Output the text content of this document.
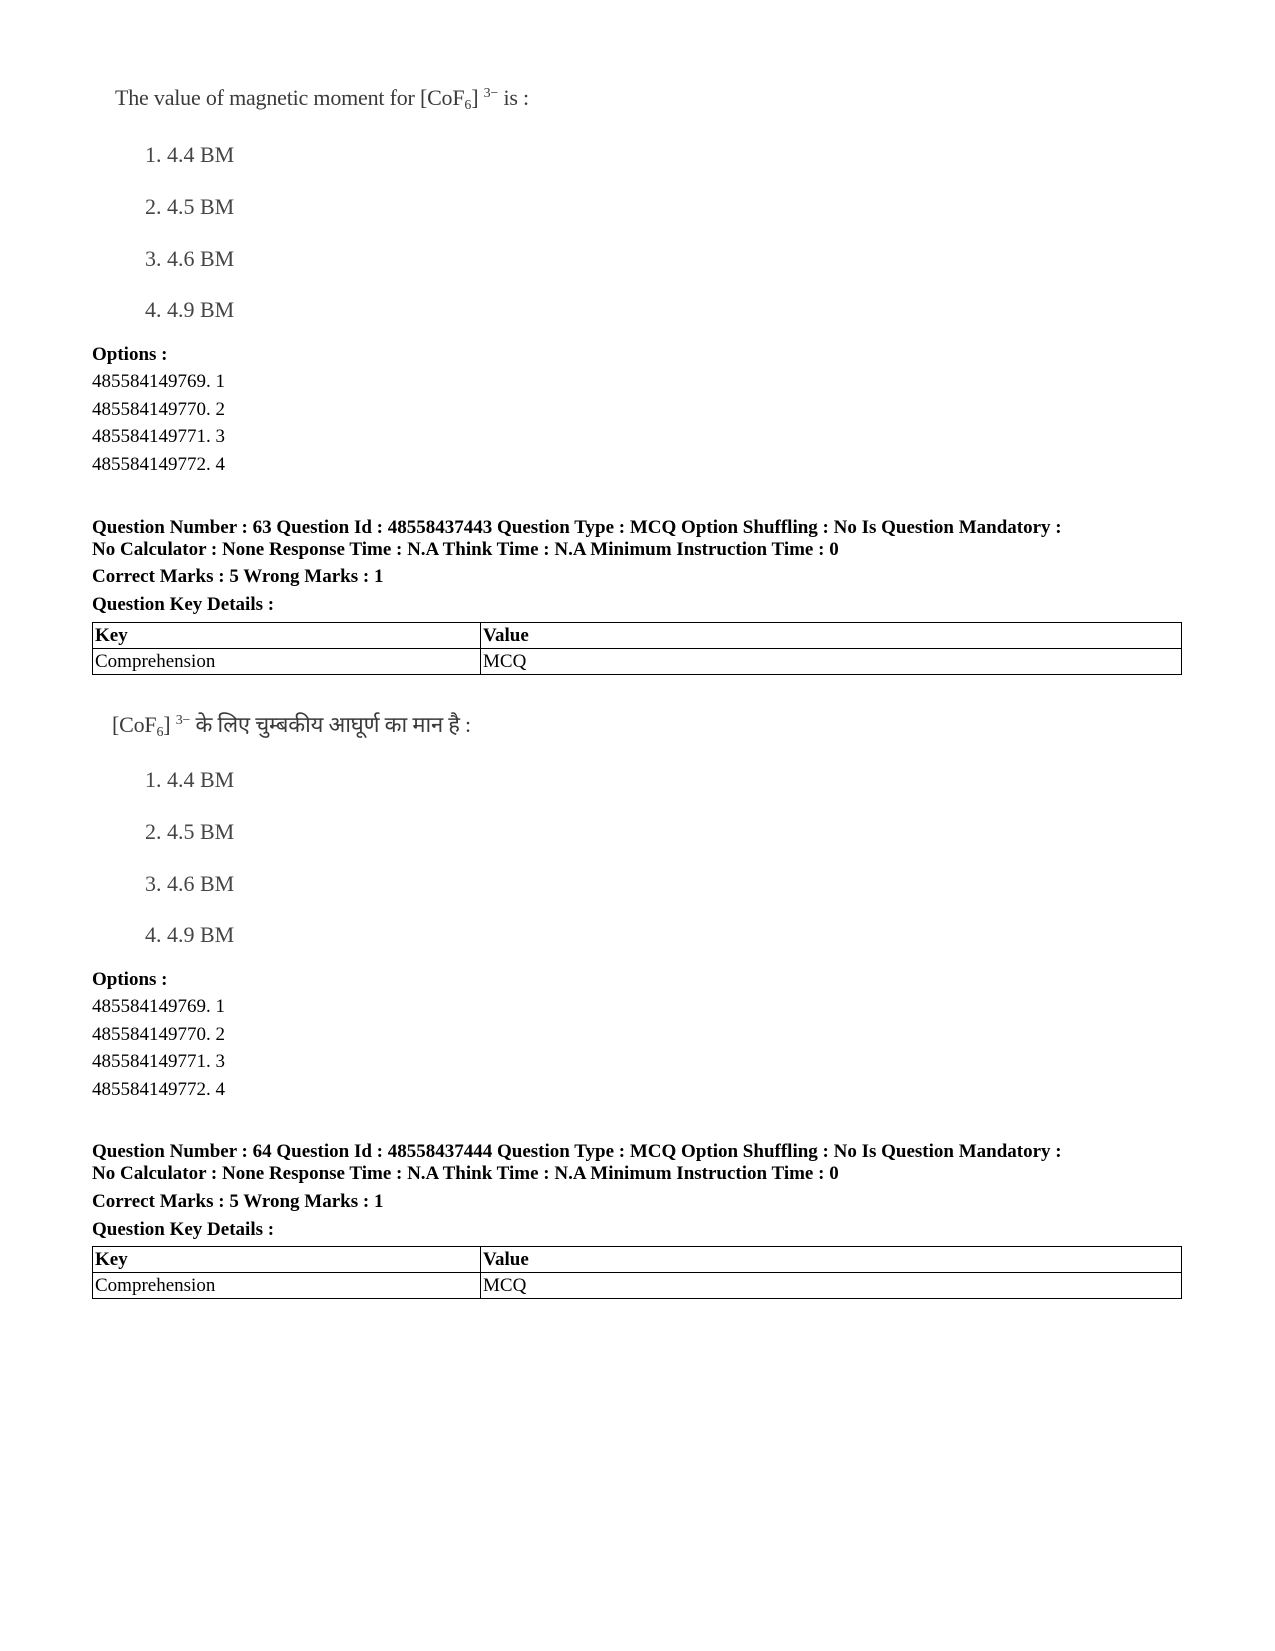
The value of magnetic moment for [CoF$_6$] $^{3-}$ is :
1. 4.4 BM
2. 4.5 BM
3. 4.6 BM
4. 4.9 BM
Options :
485584149769. 1
485584149770. 2
485584149771. 3
485584149772. 4
Question Number : 63 Question Id : 48558437443 Question Type : MCQ Option Shuffling : No Is Question Mandatory :
No Calculator : None Response Time : N.A Think Time : N.A Minimum Instruction Time : 0
Correct Marks : 5 Wrong Marks : 1
Question Key Details :
Key	Value
Comprehension	MCQ
[CoF$_6$] $^{3-}$ के लिए चुम्बकीय आघूर्ण का मान है :
1. 4.4 BM
2. 4.5 BM
3. 4.6 BM
4. 4.9 BM
Options :
485584149769. 1
485584149770. 2
485584149771. 3
485584149772. 4
Question Number : 64 Question Id : 48558437444 Question Type : MCQ Option Shuffling : No Is Question Mandatory :
No Calculator : None Response Time : N.A Think Time : N.A Minimum Instruction Time : 0
Correct Marks : 5 Wrong Marks : 1
Question Key Details :
Key	Value
Comprehension	MCQ
